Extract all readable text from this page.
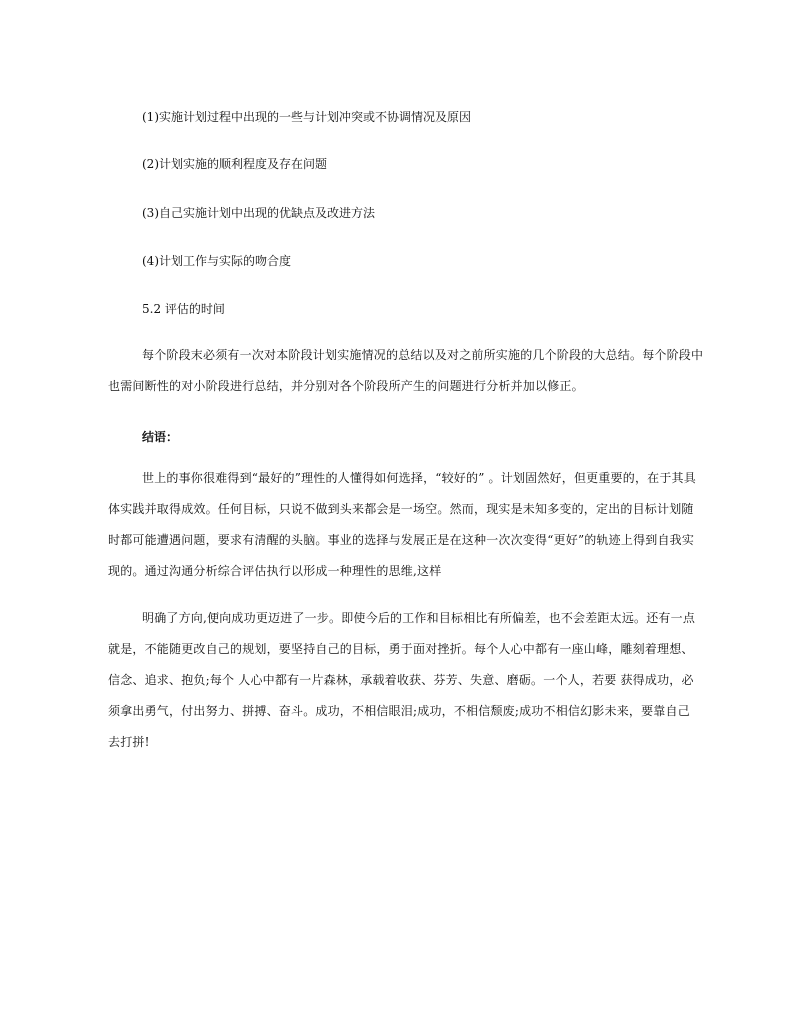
(1)实施计划过程中出现的一些与计划冲突或不协调情况及原因
(2)计划实施的顺利程度及存在问题
(3)自己实施计划中出现的优缺点及改进方法
(4)计划工作与实际的吻合度
5.2 评估的时间
每个阶段末必须有一次对本阶段计划实施情况的总结以及对之前所实施的几个阶段的大总结。每个阶段中
也需间断性的对小阶段进行总结，并分别对各个阶段所产生的问题进行分析并加以修正。
结语：
世上的事你很难得到“最好的”理性的人懂得如何选择，“较好的” 。计划固然好，但更重要的，在于其具
体实践并取得成效。任何目标，只说不做到头来都会是一场空。然而，现实是未知多变的，定出的目标计划随
时都可能遭遇问题，要求有清醒的头脑。事业的选择与发展正是在这种一次次变得“更好”的轨迹上得到自我实
现的。通过沟通分析综合评估执行以形成一种理性的思维,这样
明确了方向,便向成功更迈进了一步。即使今后的工作和目标相比有所偏差，也不会差距太远。还有一点
就是，不能随更改自己的规划，要坚持自己的目标，勇于面对挫折。每个人心中都有一座山峰，雕刻着理想、
信念、追求、抱负;每个 人心中都有一片森林，承载着收获、芬芳、失意、磨砺。一个人，若要 获得成功，必
须拿出勇气，付出努力、拼搏、奋斗。成功，不相信眼泪;成功，不相信颓废;成功不相信幻影未来，要靠自己
去打拼!
